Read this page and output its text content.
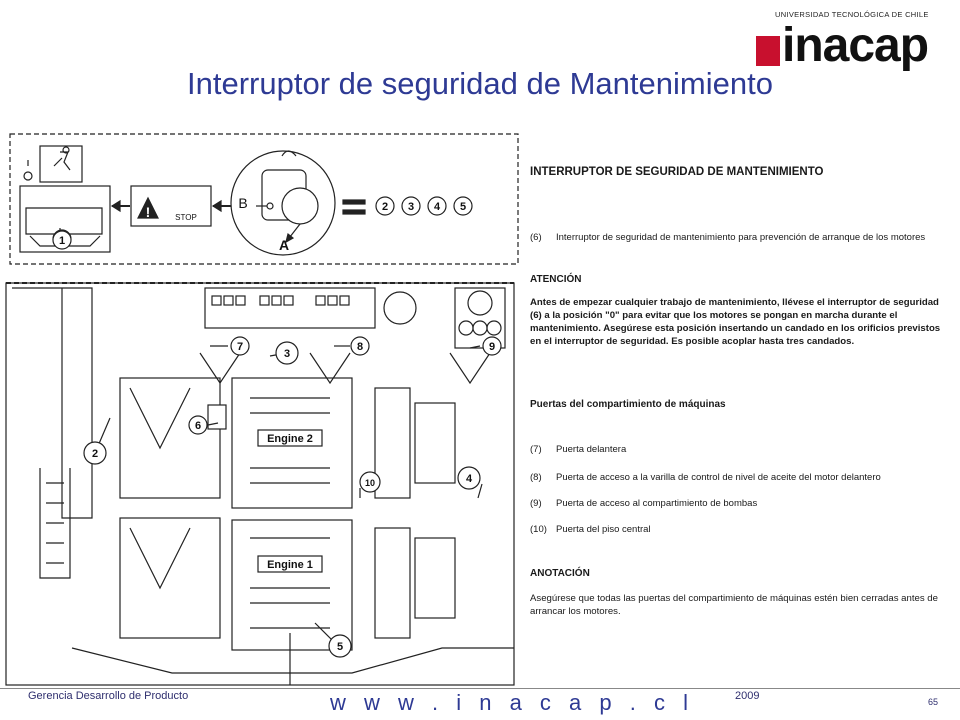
UNIVERSIDAD TECNOLÓGICA DE CHILE
inacap
Interruptor de seguridad de Mantenimiento
1
2
3
4
5
6
7	8	9
10
2 3 4 5
B
A
STOP
Engine 2
Engine 1
!
INTERRUPTOR DE SEGURIDAD DE MANTENIMIENTO
(6)	Interruptor de seguridad de mantenimiento para prevención de arranque de los motores
ATENCIÓN
Antes de empezar cualquier trabajo de mantenimiento, llévese el interruptor de seguridad (6) a la posición "0" para evitar que los motores se pongan en marcha durante el mantenimiento. Asegúrese esta posición insertando un candado en los orificios previstos en el interruptor de seguridad. Es posible acoplar hasta tres candados.
Puertas del compartimiento de máquinas
(7)	Puerta delantera
(8)	Puerta de acceso a la varilla de control de nivel de aceite del motor delantero
(9)	Puerta de acceso al compartimiento de bombas
(10) Puerta del piso central
ANOTACIÓN
Asegúrese que todas las puertas del compartimiento de máquinas estén bien cerradas antes de arrancar los motores.
Gerencia Desarrollo de Producto	w w w . i n a c a p . c l	2009	65
